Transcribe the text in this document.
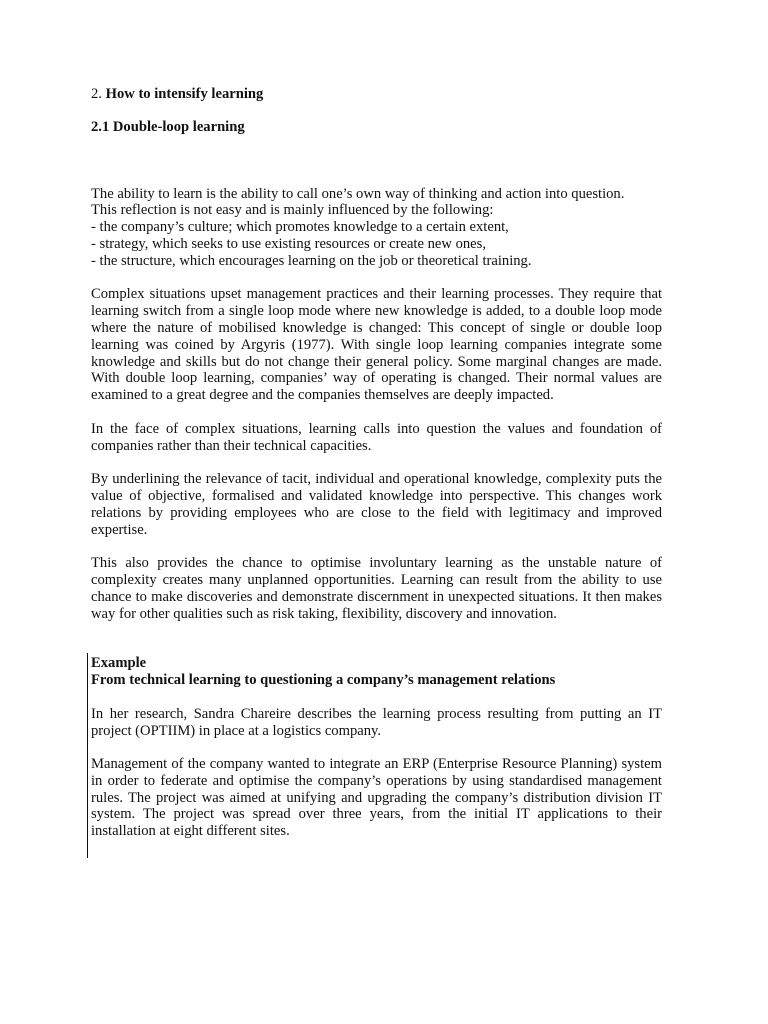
2. How to intensify learning
2.1 Double-loop learning

The ability to learn is the ability to call one’s own way of thinking and action into question.
This reflection is not easy and is mainly influenced by the following:
- the company’s culture; which promotes knowledge to a certain extent,
- strategy, which seeks to use existing resources or create new ones,
- the structure, which encourages learning on the job or theoretical training.

Complex situations upset management practices and their learning processes. They require that learning switch from a single loop mode where new knowledge is added, to a double loop mode where the nature of mobilised knowledge is changed: This concept of single or double loop learning was coined by Argyris (1977). With single loop learning companies integrate some knowledge and skills but do not change their general policy. Some marginal changes are made. With double loop learning, companies’ way of operating is changed. Their normal values are examined to a great degree and the companies themselves are deeply impacted.

In the face of complex situations, learning calls into question the values and foundation of companies rather than their technical capacities.

By underlining the relevance of tacit, individual and operational knowledge, complexity puts the value of objective, formalised and validated knowledge into perspective. This changes work relations by providing employees who are close to the field with legitimacy and improved expertise.

This also provides the chance to optimise involuntary learning as the unstable nature of complexity creates many unplanned opportunities. Learning can result from the ability to use chance to make discoveries and demonstrate discernment in unexpected situations. It then makes way for other qualities such as risk taking, flexibility, discovery and innovation.

Example
From technical learning to questioning a company’s management relations

In her research, Sandra Chareire describes the learning process resulting from putting an IT project (OPTIIM) in place at a logistics company.

Management of the company wanted to integrate an ERP (Enterprise Resource Planning) system in order to federate and optimise the company’s operations by using standardised management rules. The project was aimed at unifying and upgrading the company’s distribution division IT system. The project was spread over three years, from the initial IT applications to their installation at eight different sites.
